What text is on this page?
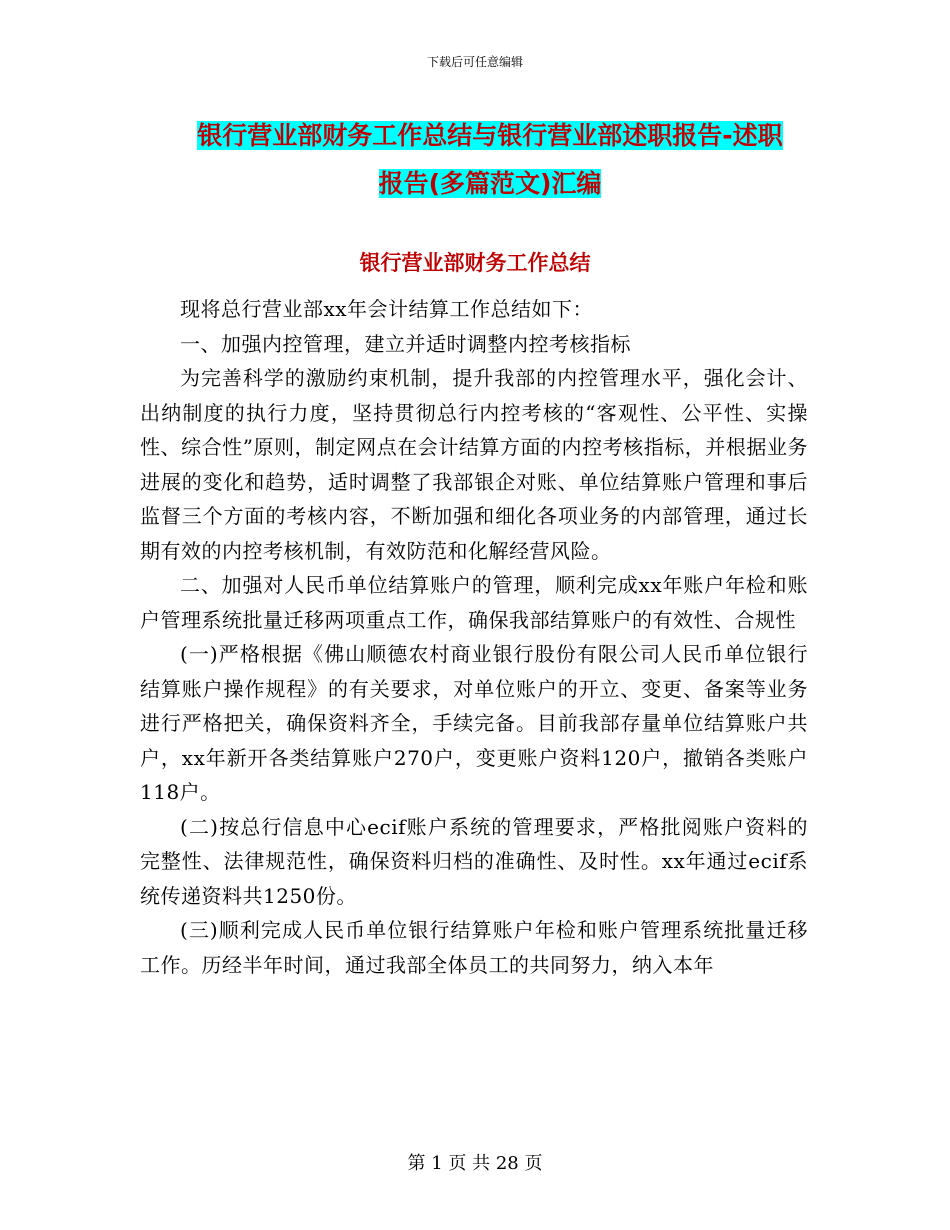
下载后可任意编辑
银行营业部财务工作总结与银行营业部述职报告-述职
报告(多篇范文)汇编
银行营业部财务工作总结

现将总行营业部xx年会计结算工作总结如下：

一、加强内控管理，建立并适时调整内控考核指标

为完善科学的激励约束机制，提升我部的内控管理水平，强化会计、出纳制度的执行力度，坚持贯彻总行内控考核的“客观性、公平性、实操性、综合性”原则，制定网点在会计结算方面的内控考核指标，并根据业务进展的变化和趋势，适时调整了我部银企对账、单位结算账户管理和事后监督三个方面的考核内容，不断加强和细化各项业务的内部管理，通过长期有效的内控考核机制，有效防范和化解经营风险。

二、加强对人民币单位结算账户的管理，顺利完成xx年账户年检和账户管理系统批量迁移两项重点工作，确保我部结算账户的有效性、合规性

(一)严格根据《佛山顺德农村商业银行股份有限公司人民币单位银行结算账户操作规程》的有关要求，对单位账户的开立、变更、备案等业务进行严格把关，确保资料齐全，手续完备。目前我部存量单位结算账户共户，xx年新开各类结算账户270户，变更账户资料120户，撤销各类账户118户。

(二)按总行信息中心ecif账户系统的管理要求，严格批阅账户资料的完整性、法律规范性，确保资料归档的准确性、及时性。xx年通过ecif系统传递资料共1250份。

(三)顺利完成人民币单位银行结算账户年检和账户管理系统批量迁移工作。历经半年时间，通过我部全体员工的共同努力，纳入本年

第 1 页 共 28 页
